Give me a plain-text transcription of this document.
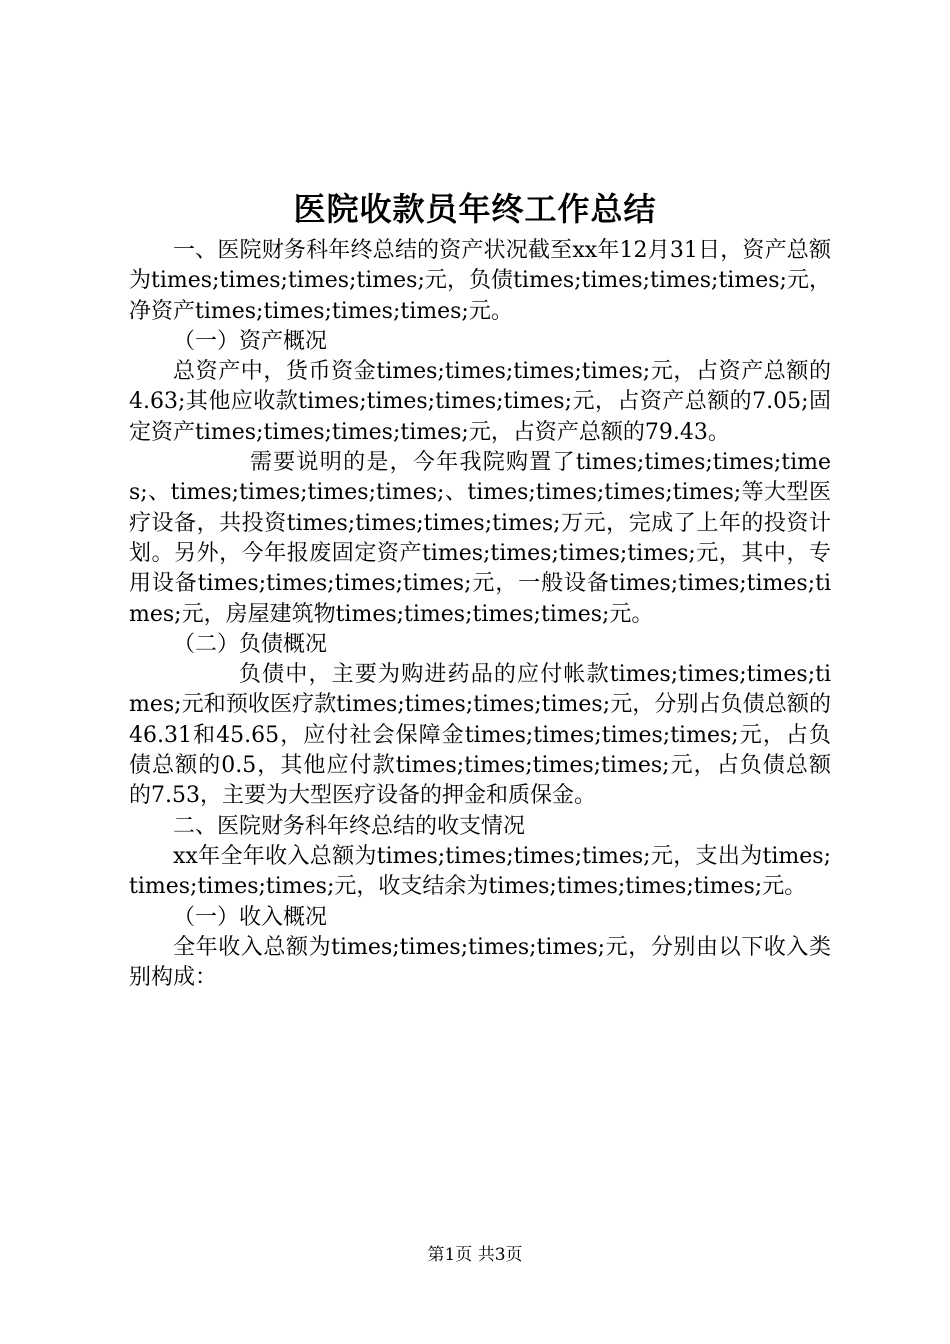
医院收款员年终工作总结

一、医院财务科年终总结的资产状况截至xx年12月31日，资产总额为times;times;times;times;元，负债times;times;times;times;元，净资产times;times;times;times;元。

（一）资产概况

总资产中，货币资金times;times;times;times;元，占资产总额的4.63;其他应收款times;times;times;times;元，占资产总额的7.05;固定资产times;times;times;times;元，占资产总额的79.43。

需要说明的是，今年我院购置了times;times;times;times;、times;times;times;times;、times;times;times;times;等大型医疗设备，共投资times;times;times;times;万元，完成了上年的投资计划。另外，今年报废固定资产times;times;times;times;元，其中，专用设备times;times;times;times;元，一般设备times;times;times;times;元，房屋建筑物times;times;times;times;元。

（二）负债概况

负债中，主要为购进药品的应付帐款times;times;times;times;元和预收医疗款times;times;times;times;元，分别占负债总额的46.31和45.65，应付社会保障金times;times;times;times;元，占负债总额的0.5，其他应付款times;times;times;times;元，占负债总额的7.53，主要为大型医疗设备的押金和质保金。

二、医院财务科年终总结的收支情况

xx年全年收入总额为times;times;times;times;元，支出为times;times;times;times;元，收支结余为times;times;times;times;元。

（一）收入概况

全年收入总额为times;times;times;times;元，分别由以下收入类别构成：

第1页 共3页
